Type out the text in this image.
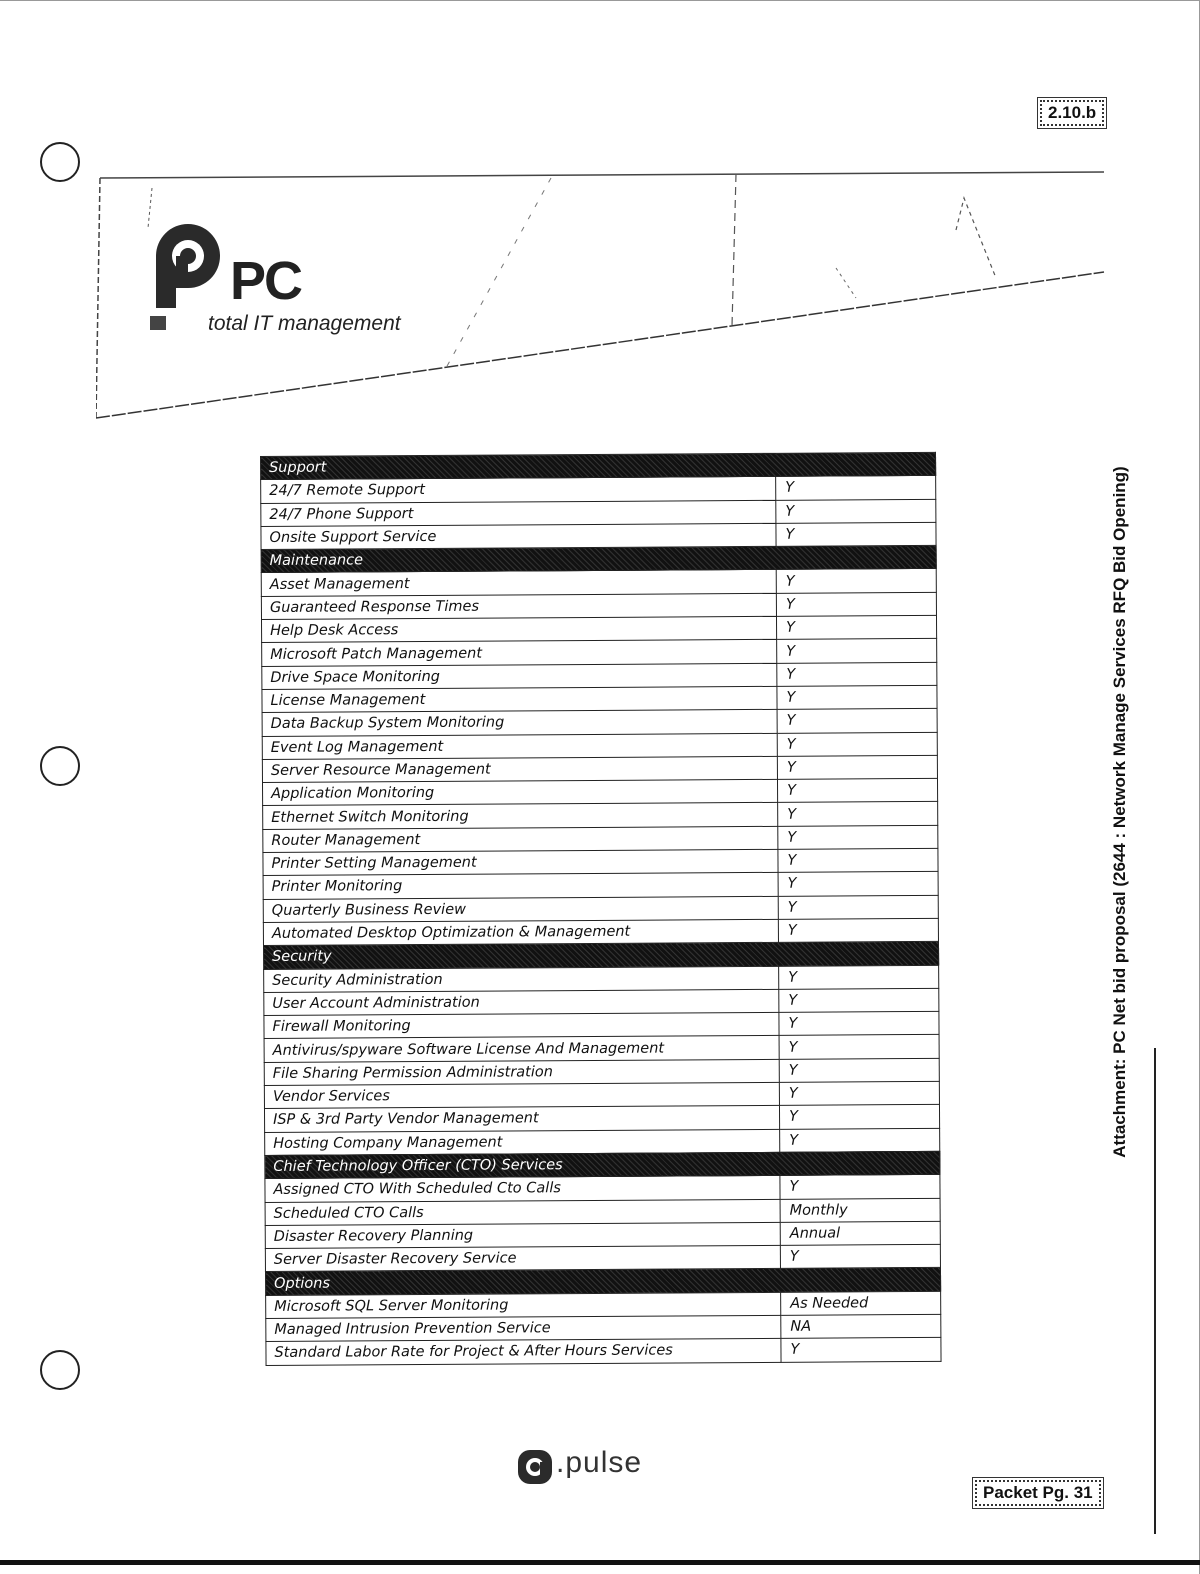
2.10.b
PC
total IT management
Support	
24/7 Remote Support	Y
24/7 Phone Support	Y
Onsite Support Service	Y
Maintenance	
Asset Management	Y
Guaranteed Response Times	Y
Help Desk Access	Y
Microsoft Patch Management	Y
Drive Space Monitoring	Y
License Management	Y
Data Backup System Monitoring	Y
Event Log Management	Y
Server Resource Management	Y
Application Monitoring	Y
Ethernet Switch Monitoring	Y
Router Management	Y
Printer Setting Management	Y
Printer Monitoring	Y
Quarterly Business Review	Y
Automated Desktop Optimization & Management	Y
Security	
Security Administration	Y
User Account Administration	Y
Firewall Monitoring	Y
Antivirus/spyware Software License And Management	Y
File Sharing Permission Administration	Y
Vendor Services	Y
ISP & 3rd Party Vendor Management	Y
Hosting Company Management	Y
Chief Technology Officer (CTO) Services	
Assigned CTO With Scheduled Cto Calls	Y
Scheduled CTO Calls	Monthly
Disaster Recovery Planning	Annual
Server Disaster Recovery Service	Y
Options	
Microsoft SQL Server Monitoring	As Needed
Managed Intrusion Prevention Service	NA
Standard Labor Rate for Project & After Hours Services	Y
Attachment: PC Net bid proposal (2644 : Network Manage Services RFQ Bid Opening)
.pulse
Packet Pg. 31
